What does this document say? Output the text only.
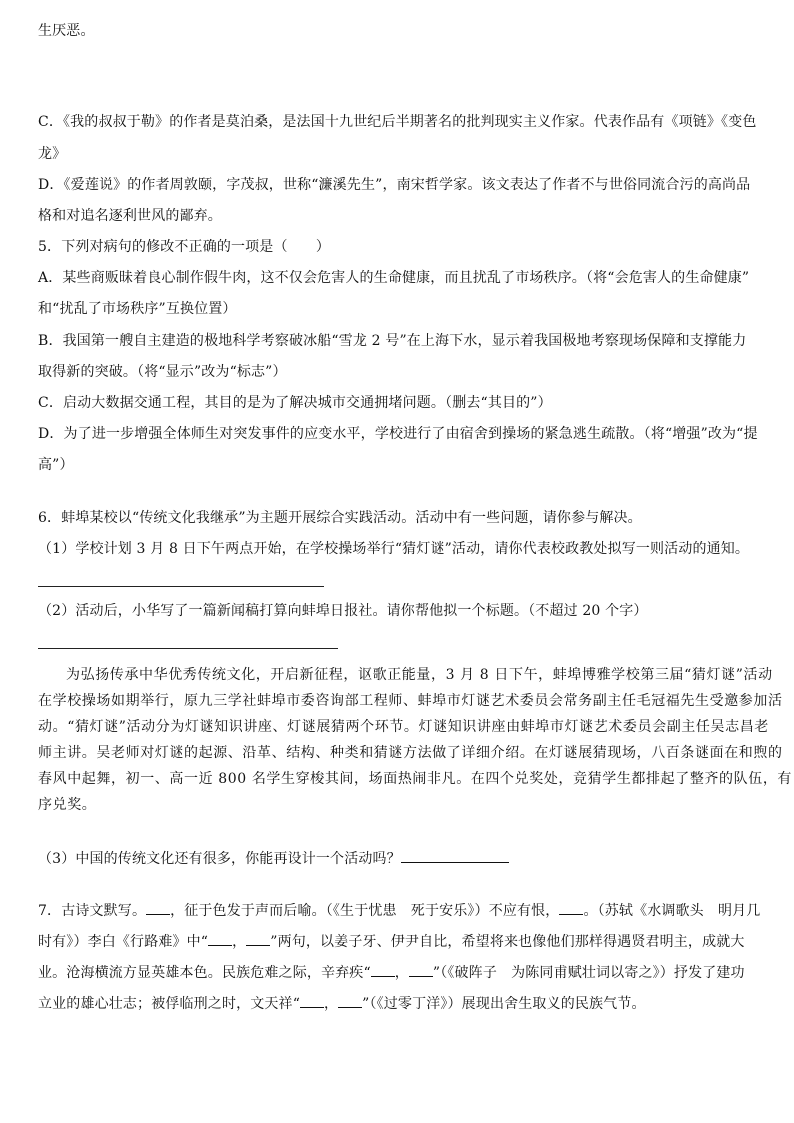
生厌恶。
C．《我的叔叔于勒》的作者是莫泊桑，是法国十九世纪后半期著名的批判现实主义作家。代表作品有《项链》《变色
龙》
D．《爱莲说》的作者周敦颐，字茂叔，世称“濂溪先生”，南宋哲学家。该文表达了作者不与世俗同流合污的高尚品
格和对追名逐利世风的鄙弃。
5．下列对病句的修改不正确的一项是（　　）
A．某些商贩昧着良心制作假牛肉，这不仅会危害人的生命健康，而且扰乱了市场秩序。（将“会危害人的生命健康”
和“扰乱了市场秩序”互换位置）
B．我国第一艘自主建造的极地科学考察破冰船“雪龙 2 号”在上海下水，显示着我国极地考察现场保障和支撑能力
取得新的突破。（将“显示”改为“标志”）
C．启动大数据交通工程，其目的是为了解决城市交通拥堵问题。（删去“其目的”）
D．为了进一步增强全体师生对突发事件的应变水平，学校进行了由宿舍到操场的紧急逃生疏散。（将“增强”改为“提
高”）
6．蚌埠某校以“传统文化我继承”为主题开展综合实践活动。活动中有一些问题，请你参与解决。
（1）学校计划 3 月 8 日下午两点开始，在学校操场举行“猜灯谜”活动，请你代表校政教处拟写一则活动的通知。
（2）活动后，小华写了一篇新闻稿打算向蚌埠日报社。请你帮他拟一个标题。（不超过 20 个字）
为弘扬传承中华优秀传统文化，开启新征程，讴歌正能量，3 月 8 日下午，蚌埠博雅学校第三届“猜灯谜”活动
在学校操场如期举行，原九三学社蚌埠市委咨询部工程师、蚌埠市灯谜艺术委员会常务副主任毛冠福先生受邀参加活
动。“猜灯谜”活动分为灯谜知识讲座、灯谜展猜两个环节。灯谜知识讲座由蚌埠市灯谜艺术委员会副主任吴志昌老
师主讲。吴老师对灯谜的起源、沿革、结构、种类和猜谜方法做了详细介绍。在灯谜展猜现场，八百条谜面在和煦的
春风中起舞，初一、高一近 800 名学生穿梭其间，场面热闹非凡。在四个兑奖处，竞猜学生都排起了整齐的队伍，有
序兑奖。
（3）中国的传统文化还有很多，你能再设计一个活动吗？
7．古诗文默写。 ，征于色发于声而后喻。（《生于忧患　死于安乐》）不应有恨， 。（苏轼《水调歌头　明月几
时有》）李白《行路难》中“ ， ”两句，以姜子牙、伊尹自比，希望将来也像他们那样得遇贤君明主，成就大
业。沧海横流方显英雄本色。民族危难之际，辛弃疾“ ， ”（《破阵子　为陈同甫赋壮词以寄之》）抒发了建功
立业的雄心壮志；被俘临刑之时，文天祥“ ， ”（《过零丁洋》）展现出舍生取义的民族气节。
